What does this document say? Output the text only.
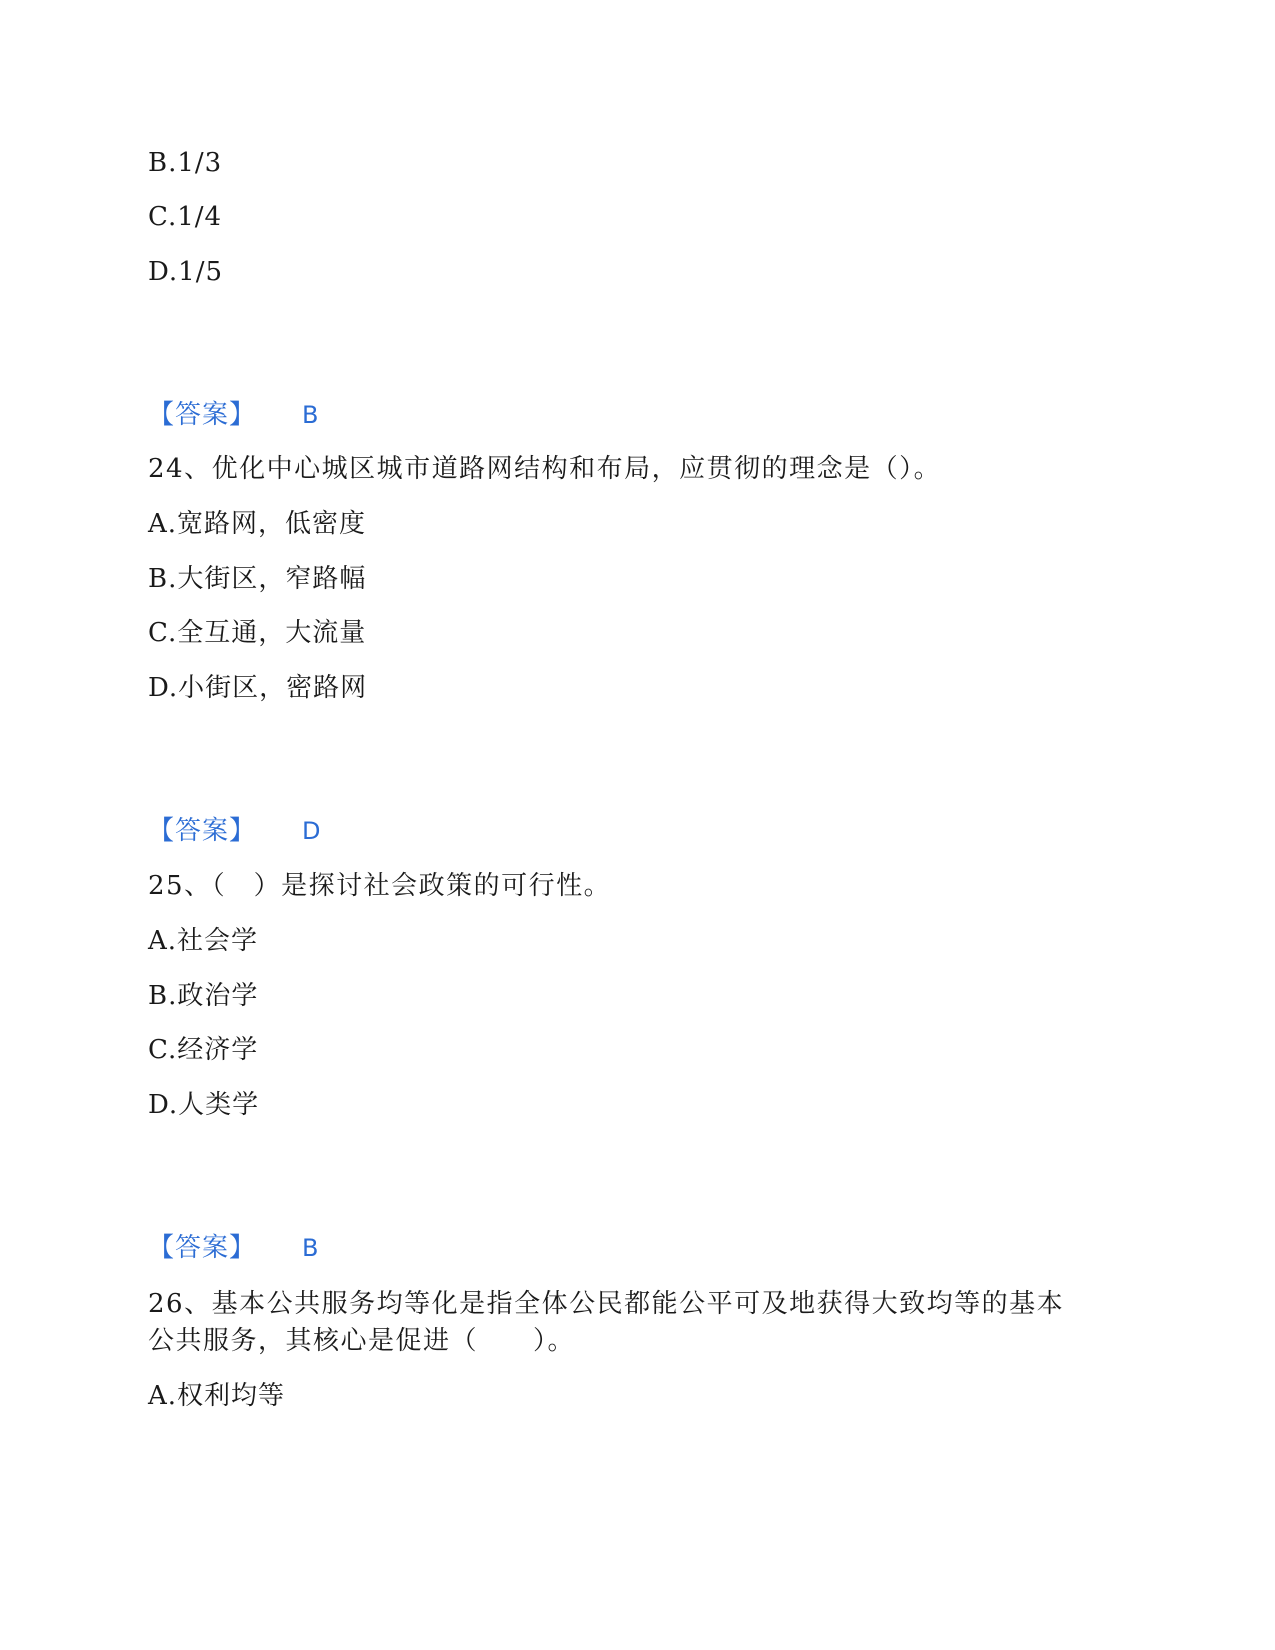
B.1/3
C.1/4
D.1/5
【答案】 B
24、优化中心城区城市道路网结构和布局，应贯彻的理念是（）。
A.宽路网，低密度
B.大街区，窄路幅
C.全互通，大流量
D.小街区，密路网
【答案】 D
25、（　）是探讨社会政策的可行性。
A.社会学
B.政治学
C.经济学
D.人类学
【答案】 B
26、基本公共服务均等化是指全体公民都能公平可及地获得大致均等的基本
公共服务，其核心是促进（　　）。
A.权利均等
